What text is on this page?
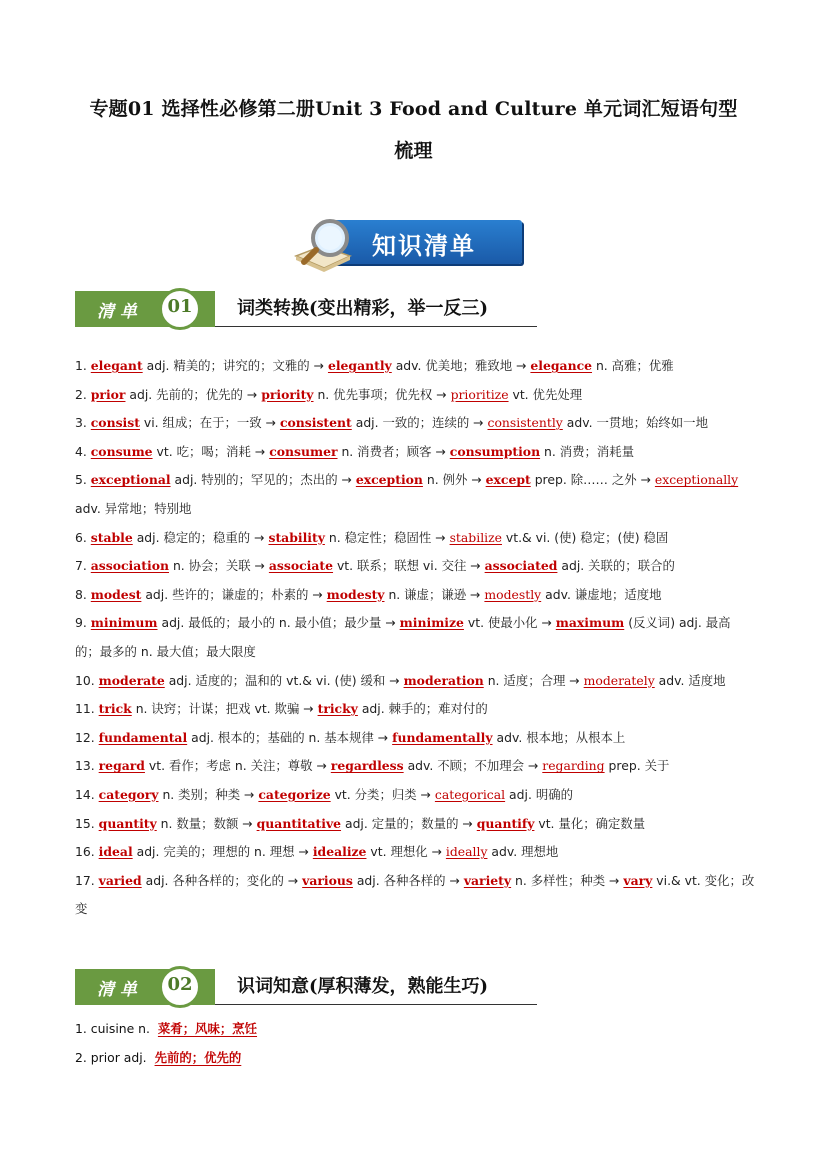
专题01 选择性必修第二册Unit 3 Food and Culture 单元词汇短语句型
梳理
知识清单
清单	01	词类转换(变出精彩，举一反三)

1. elegant adj. 精美的；讲究的；文雅的 → elegantly adv. 优美地；雅致地 → elegance n. 高雅；优雅

2. prior adj. 先前的；优先的 → priority n. 优先事项；优先权 → prioritize vt. 优先处理

3. consist vi. 组成；在于；一致 → consistent adj. 一致的；连续的 → consistently adv. 一贯地；始终如一地

4. consume vt. 吃；喝；消耗 → consumer n. 消费者；顾客 → consumption n. 消费；消耗量

5. exceptional adj. 特别的；罕见的；杰出的 → exception n. 例外 → except prep. 除…… 之外 → exceptionally adv. 异常地；特别地

6. stable adj. 稳定的；稳重的 → stability n. 稳定性；稳固性 → stabilize vt.& vi. (使) 稳定；(使) 稳固

7. association n. 协会；关联 → associate vt. 联系；联想 vi. 交往 → associated adj. 关联的；联合的

8. modest adj. 些许的；谦虚的；朴素的 → modesty n. 谦虚；谦逊 → modestly adv. 谦虚地；适度地

9. minimum adj. 最低的；最小的 n. 最小值；最少量 → minimize vt. 使最小化 → maximum (反义词) adj. 最高的；最多的 n. 最大值；最大限度

10. moderate adj. 适度的；温和的 vt.& vi. (使) 缓和 → moderation n. 适度；合理 → moderately adv. 适度地

11. trick n. 诀窍；计谋；把戏 vt. 欺骗 → tricky adj. 棘手的；难对付的

12. fundamental adj. 根本的；基础的 n. 基本规律 → fundamentally adv. 根本地；从根本上

13. regard vt. 看作；考虑 n. 关注；尊敬 → regardless adv. 不顾；不加理会 → regarding prep. 关于

14. category n. 类别；种类 → categorize vt. 分类；归类 → categorical adj. 明确的

15. quantity n. 数量；数额 → quantitative adj. 定量的；数量的 → quantify vt. 量化；确定数量

16. ideal adj. 完美的；理想的 n. 理想 → idealize vt. 理想化 → ideally adv. 理想地

17. varied adj. 各种各样的；变化的 → various adj. 各种各样的 → variety n. 多样性；种类 → vary vi.& vt. 变化；改变

清单	02	识词知意(厚积薄发，熟能生巧)

1. cuisine n. 菜肴；风味；烹饪

2. prior adj. 先前的；优先的
